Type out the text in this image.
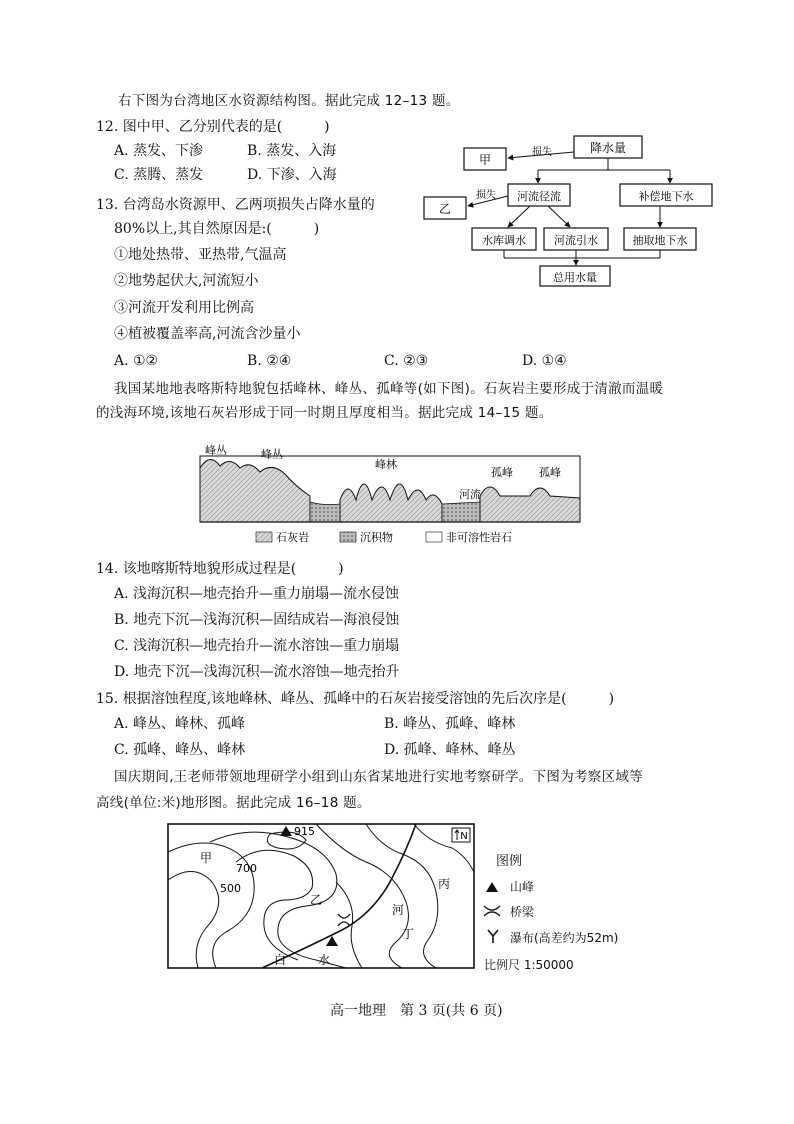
右下图为台湾地区水资源结构图。据此完成 12–13 题。
12. 图中甲、乙分别代表的是(　　　)
A. 蒸发、下渗	B. 蒸发、入海
C. 蒸腾、蒸发	D. 下渗、入海
13. 台湾岛水资源甲、乙两项损失占降水量的
80%以上,其自然原因是:(　　　)
①地处热带、亚热带,气温高
②地势起伏大,河流短小
③河流开发利用比例高
④植被覆盖率高,河流含沙量小
A. ①②	B. ②④	C. ②③	D. ①④
甲
降水量
损失
乙
损失 河流径流	补偿地下水
水库调水	河流引水	抽取地下水
总用水量
我国某地地表喀斯特地貌包括峰林、峰丛、孤峰等(如下图)。石灰岩主要形成于清澈而温暖
的浅海环境,该地石灰岩形成于同一时期且厚度相当。据此完成 14–15 题。
峰丛	峰丛
峰林
河流
孤峰 孤峰
石灰岩	沉积物	非可溶性岩石
14. 该地喀斯特地貌形成过程是(　　　)
A. 浅海沉积—地壳抬升—重力崩塌—流水侵蚀
B. 地壳下沉—浅海沉积—固结成岩—海浪侵蚀
C. 浅海沉积—地壳抬升—流水溶蚀—重力崩塌
D. 地壳下沉—浅海沉积—流水溶蚀—地壳抬升
15. 根据溶蚀程度,该地峰林、峰丛、孤峰中的石灰岩接受溶蚀的先后次序是(　　　)
A. 峰丛、峰林、孤峰	B. 峰丛、孤峰、峰林
C. 孤峰、峰丛、峰林	D. 孤峰、峰林、峰丛
国庆期间,王老师带领地理研学小组到山东省某地进行实地考察研学。下图为考察区域等
高线(单位:米)地形图。据此完成 16–18 题。
N
915
700
500
甲
乙
丙
丁
河
白	水
图例
山峰
桥梁
瀑布(高差约为52m)
比例尺 1:50000
高一地理　第 3 页(共 6 页)
